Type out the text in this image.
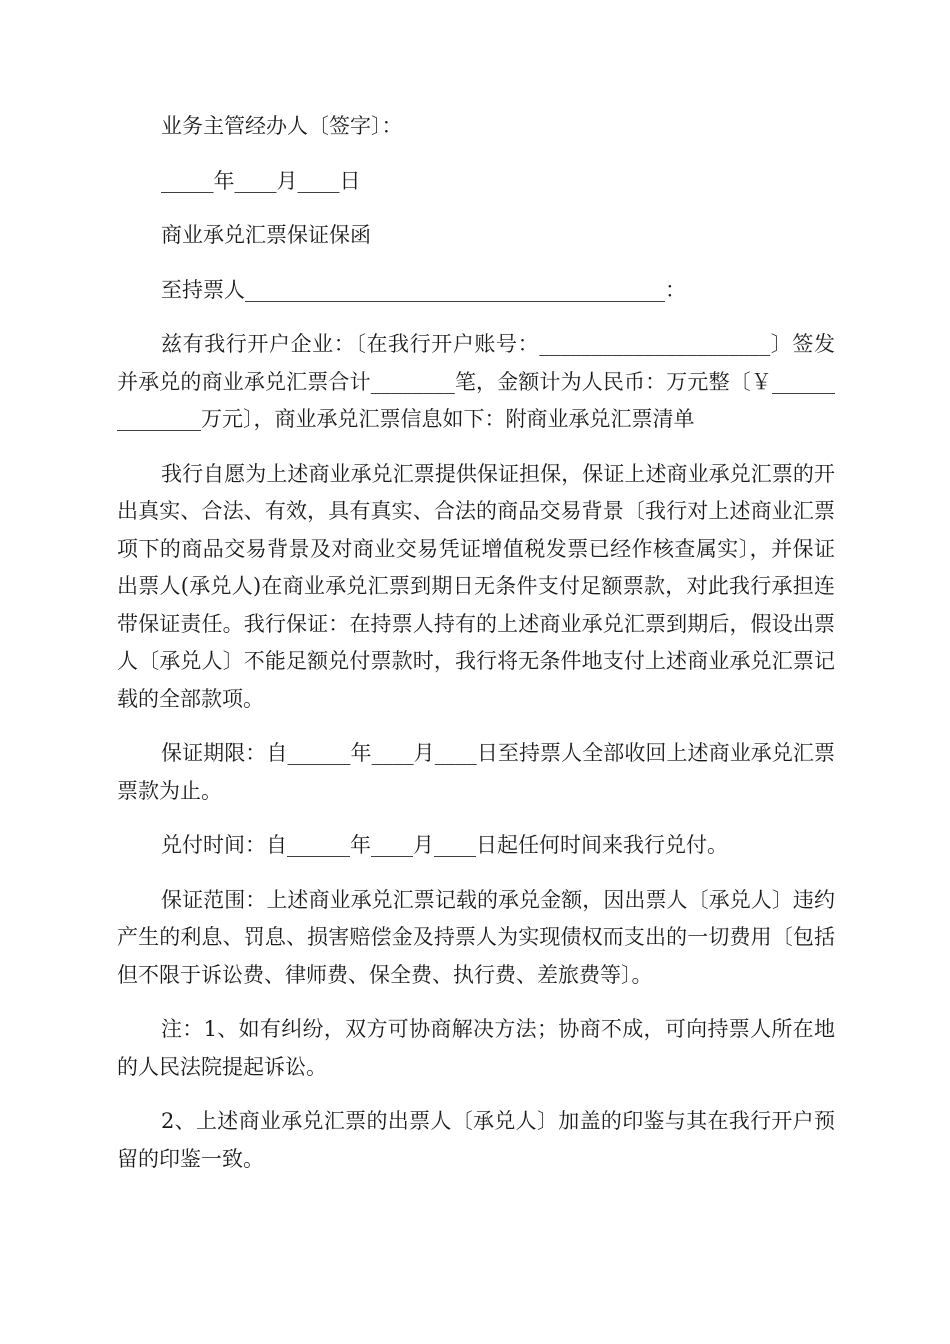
业务主管经办人〔签字〕：

_____年____月____日

商业承兑汇票保证保函

至持票人________________________________________：

兹有我行开户企业：〔在我行开户账号：______________________〕签发并承兑的商业承兑汇票合计________笔，金额计为人民币：万元整〔￥______________万元〕，商业承兑汇票信息如下：附商业承兑汇票清单

我行自愿为上述商业承兑汇票提供保证担保，保证上述商业承兑汇票的开出真实、合法、有效，具有真实、合法的商品交易背景〔我行对上述商业汇票项下的商品交易背景及对商业交易凭证增值税发票已经作核查属实〕，并保证出票人(承兑人)在商业承兑汇票到期日无条件支付足额票款，对此我行承担连带保证责任。我行保证：在持票人持有的上述商业承兑汇票到期后，假设出票人〔承兑人〕不能足额兑付票款时，我行将无条件地支付上述商业承兑汇票记载的全部款项。

保证期限：自______年____月____日至持票人全部收回上述商业承兑汇票票款为止。

兑付时间：自______年____月____日起任何时间来我行兑付。

保证范围：上述商业承兑汇票记载的承兑金额，因出票人〔承兑人〕违约产生的利息、罚息、损害赔偿金及持票人为实现债权而支出的一切费用〔包括但不限于诉讼费、律师费、保全费、执行费、差旅费等〕。

注：1、如有纠纷，双方可协商解决方法；协商不成，可向持票人所在地的人民法院提起诉讼。

2、上述商业承兑汇票的出票人〔承兑人〕加盖的印鉴与其在我行开户预留的印鉴一致。
